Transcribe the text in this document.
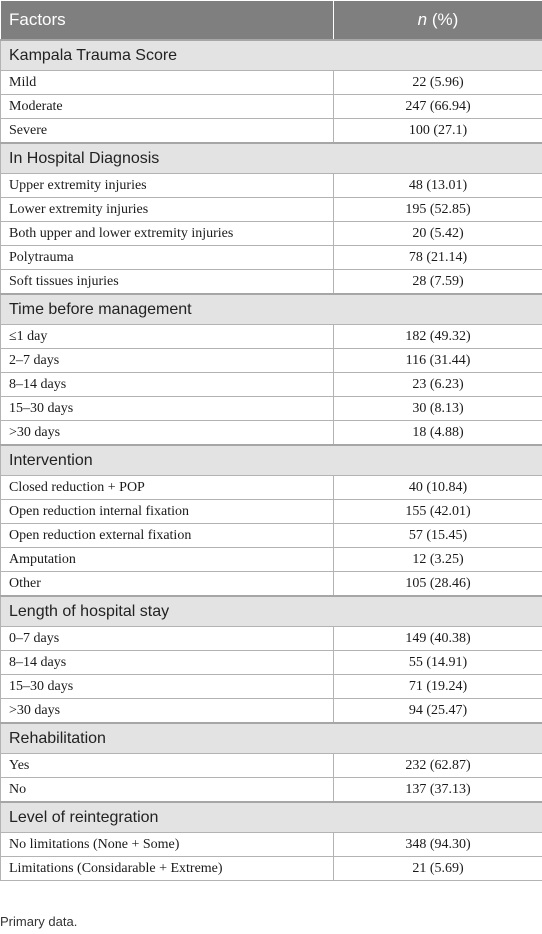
Factors	n (%)
Kampala Trauma Score	
Mild	22 (5.96)
Moderate	247 (66.94)
Severe	100 (27.1)
In Hospital Diagnosis	
Upper extremity injuries	48 (13.01)
Lower extremity injuries	195 (52.85)
Both upper and lower extremity injuries	20 (5.42)
Polytrauma	78 (21.14)
Soft tissues injuries	28 (7.59)
Time before management	
≤1 day	182 (49.32)
2–7 days	116 (31.44)
8–14 days	23 (6.23)
15–30 days	30 (8.13)
>30 days	18 (4.88)
Intervention	
Closed reduction + POP	40 (10.84)
Open reduction internal fixation	155 (42.01)
Open reduction external fixation	57 (15.45)
Amputation	12 (3.25)
Other	105 (28.46)
Length of hospital stay	
0–7 days	149 (40.38)
8–14 days	55 (14.91)
15–30 days	71 (19.24)
>30 days	94 (25.47)
Rehabilitation	
Yes	232 (62.87)
No	137 (37.13)
Level of reintegration	
No limitations (None + Some)	348 (94.30)
Limitations (Considarable + Extreme)	21 (5.69)
Primary data.
